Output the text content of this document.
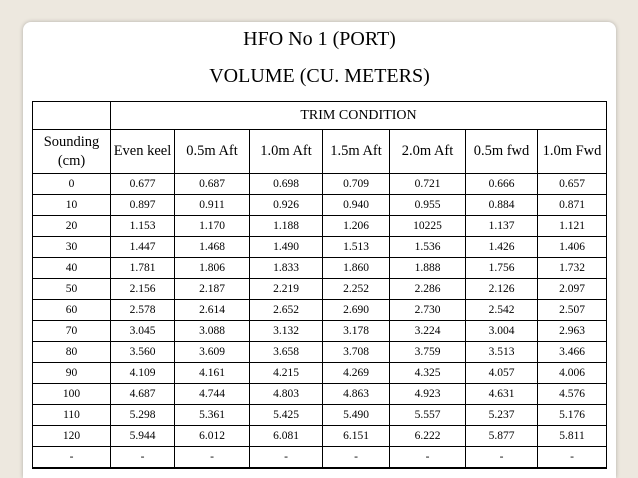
HFO No 1 (PORT)
VOLUME (CU. METERS)
	TRIM CONDITION						
Sounding (cm)	Even keel	0.5m Aft	1.0m Aft	1.5m Aft	2.0m Aft	0.5m fwd	1.0m Fwd
0	0.677	0.687	0.698	0.709	0.721	0.666	0.657
10	0.897	0.911	0.926	0.940	0.955	0.884	0.871
20	1.153	1.170	1.188	1.206	10225	1.137	1.121
30	1.447	1.468	1.490	1.513	1.536	1.426	1.406
40	1.781	1.806	1.833	1.860	1.888	1.756	1.732
50	2.156	2.187	2.219	2.252	2.286	2.126	2.097
60	2.578	2.614	2.652	2.690	2.730	2.542	2.507
70	3.045	3.088	3.132	3.178	3.224	3.004	2.963
80	3.560	3.609	3.658	3.708	3.759	3.513	3.466
90	4.109	4.161	4.215	4.269	4.325	4.057	4.006
100	4.687	4.744	4.803	4.863	4.923	4.631	4.576
110	5.298	5.361	5.425	5.490	5.557	5.237	5.176
120	5.944	6.012	6.081	6.151	6.222	5.877	5.811
-	-	-	-	-	-	-	-
